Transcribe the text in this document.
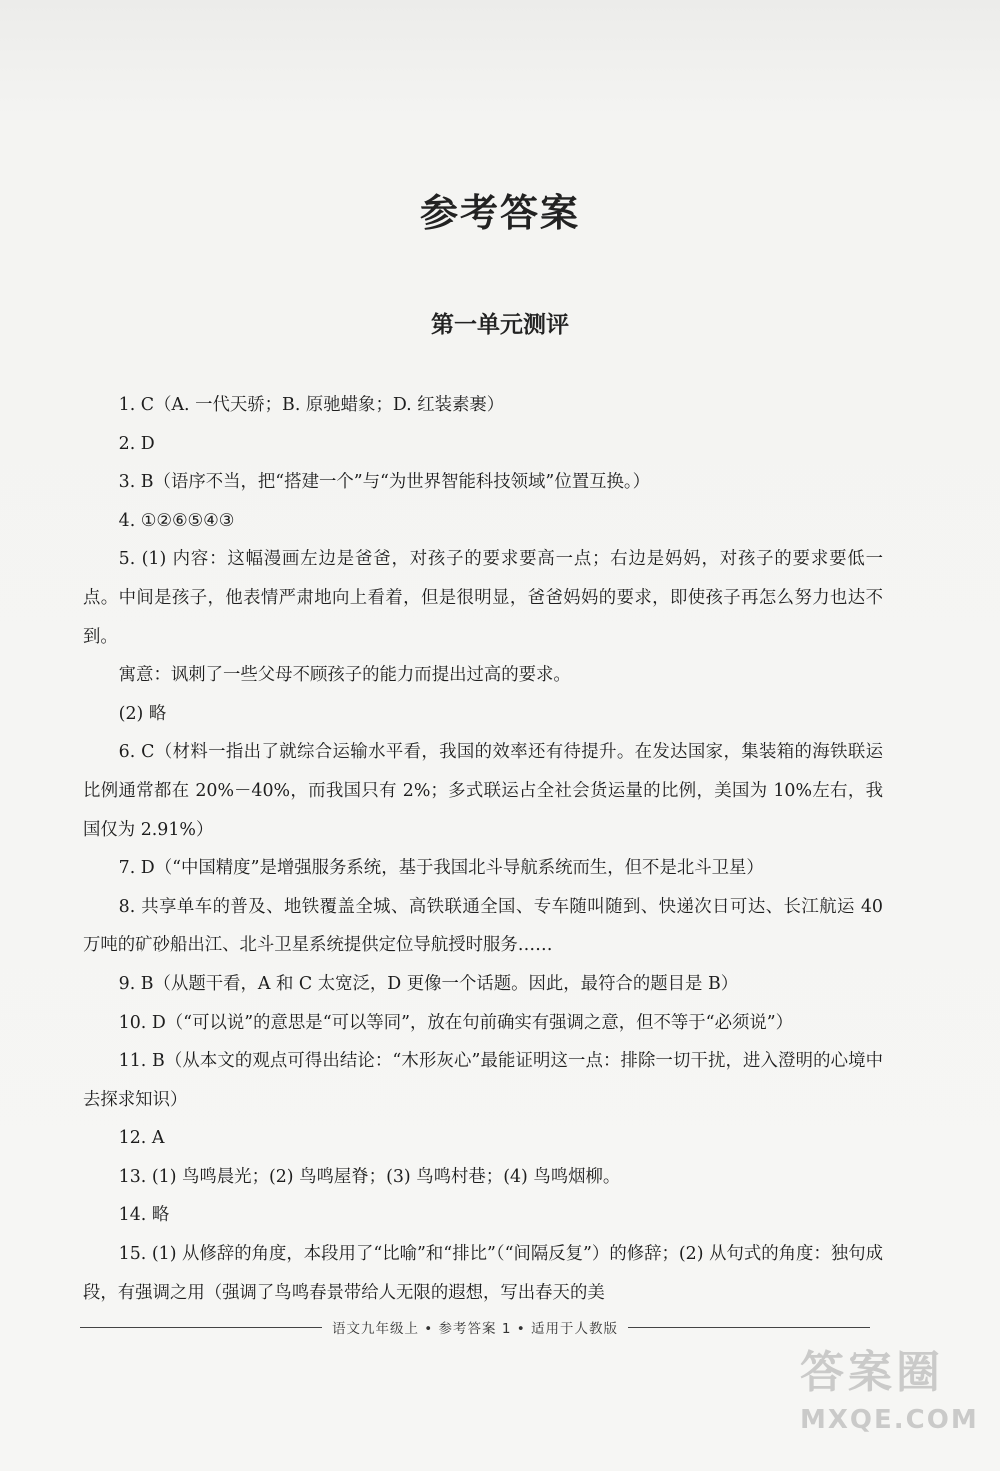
参考答案
第一单元测评

1. C（A. 一代天骄；B. 原驰蜡象；D. 红装素裹）

2. D

3. B（语序不当，把“搭建一个”与“为世界智能科技领域”位置互换。）

4. ①②⑥⑤④③

5. (1) 内容：这幅漫画左边是爸爸，对孩子的要求要高一点；右边是妈妈，对孩子的要求要低一点。中间是孩子，他表情严肃地向上看着，但是很明显，爸爸妈妈的要求，即使孩子再怎么努力也达不到。

寓意：讽刺了一些父母不顾孩子的能力而提出过高的要求。

(2) 略

6. C（材料一指出了就综合运输水平看，我国的效率还有待提升。在发达国家，集装箱的海铁联运比例通常都在 20%－40%，而我国只有 2%；多式联运占全社会货运量的比例，美国为 10%左右，我国仅为 2.91%）

7. D（“中国精度”是增强服务系统，基于我国北斗导航系统而生，但不是北斗卫星）

8. 共享单车的普及、地铁覆盖全城、高铁联通全国、专车随叫随到、快递次日可达、长江航运 40 万吨的矿砂船出江、北斗卫星系统提供定位导航授时服务……

9. B（从题干看，A 和 C 太宽泛，D 更像一个话题。因此，最符合的题目是 B）

10. D（“可以说”的意思是“可以等同”，放在句前确实有强调之意，但不等于“必须说”）

11. B（从本文的观点可得出结论：“木形灰心”最能证明这一点：排除一切干扰，进入澄明的心境中去探求知识）

12. A

13. (1) 鸟鸣晨光；(2) 鸟鸣屋脊；(3) 鸟鸣村巷；(4) 鸟鸣烟柳。

14. 略

15. (1) 从修辞的角度，本段用了“比喻”和“排比”（“间隔反复”）的修辞；(2) 从句式的角度：独句成段，有强调之用（强调了鸟鸣春景带给人无限的遐想，写出春天的美

语文九年级上 • 参考答案 1 • 适用于人教版
答案圈
MXQE.COM
